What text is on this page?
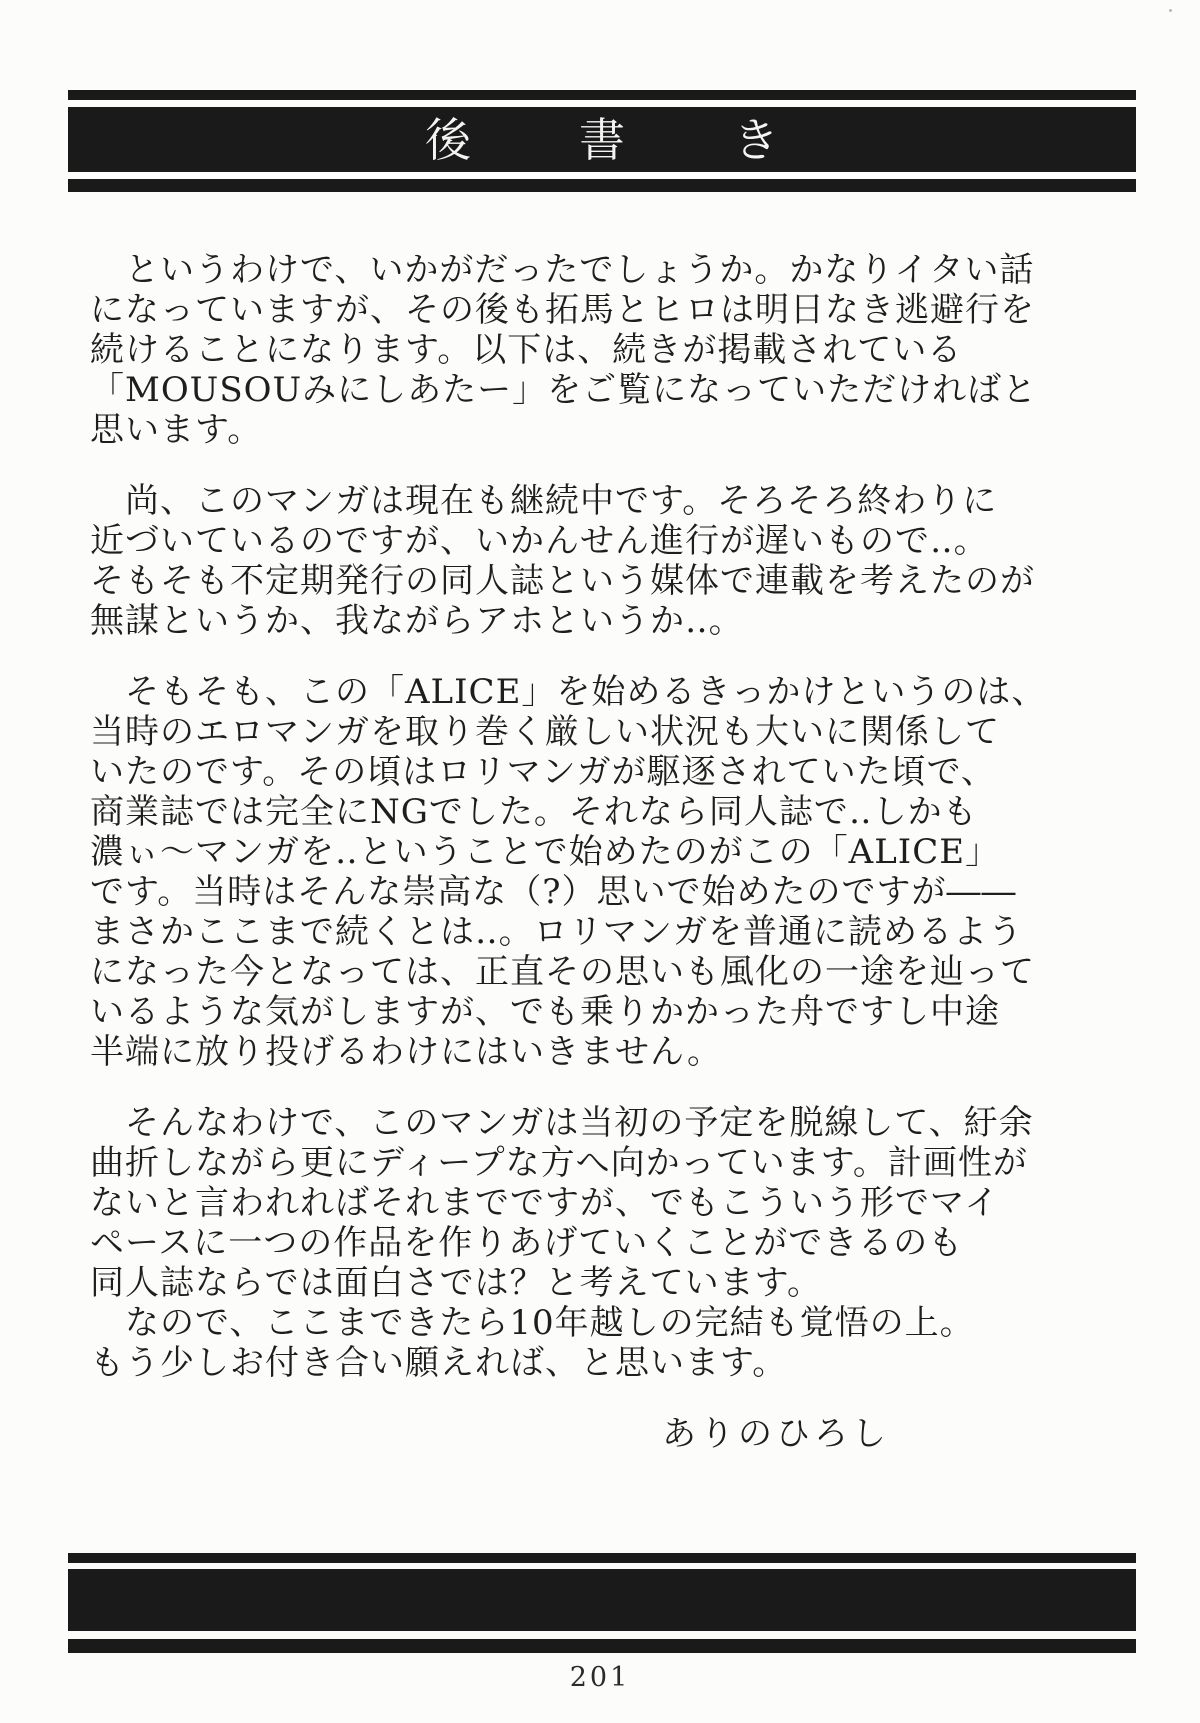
後書き
　というわけで、いかがだったでしょうか。かなりイタい話
になっていますが、その後も拓馬とヒロは明日なき逃避行を
続けることになります。以下は、続きが掲載されている
「MOUSOUみにしあたー」をご覧になっていただければと
思います。
　尚、このマンガは現在も継続中です。そろそろ終わりに
近づいているのですが、いかんせん進行が遅いもので‥。
そもそも不定期発行の同人誌という媒体で連載を考えたのが
無謀というか、我ながらアホというか‥。
　そもそも、この「ALICE」を始めるきっかけというのは、
当時のエロマンガを取り巻く厳しい状況も大いに関係して
いたのです。その頃はロリマンガが駆逐されていた頃で、
商業誌では完全にNGでした。それなら同人誌で‥しかも
濃ぃ～マンガを‥ということで始めたのがこの「ALICE」
です。当時はそんな崇高な（?）思いで始めたのですが――
まさかここまで続くとは‥。ロリマンガを普通に読めるよう
になった今となっては、正直その思いも風化の一途を辿って
いるような気がしますが、でも乗りかかった舟ですし中途
半端に放り投げるわけにはいきません。
　そんなわけで、このマンガは当初の予定を脱線して、紆余
曲折しながら更にディープな方へ向かっています。計画性が
ないと言われればそれまでですが、でもこういう形でマイ
ペースに一つの作品を作りあげていくことができるのも
同人誌ならでは面白さでは？と考えています。
　なので、ここまできたら10年越しの完結も覚悟の上。
もう少しお付き合い願えれば、と思います。
ありのひろし
201
